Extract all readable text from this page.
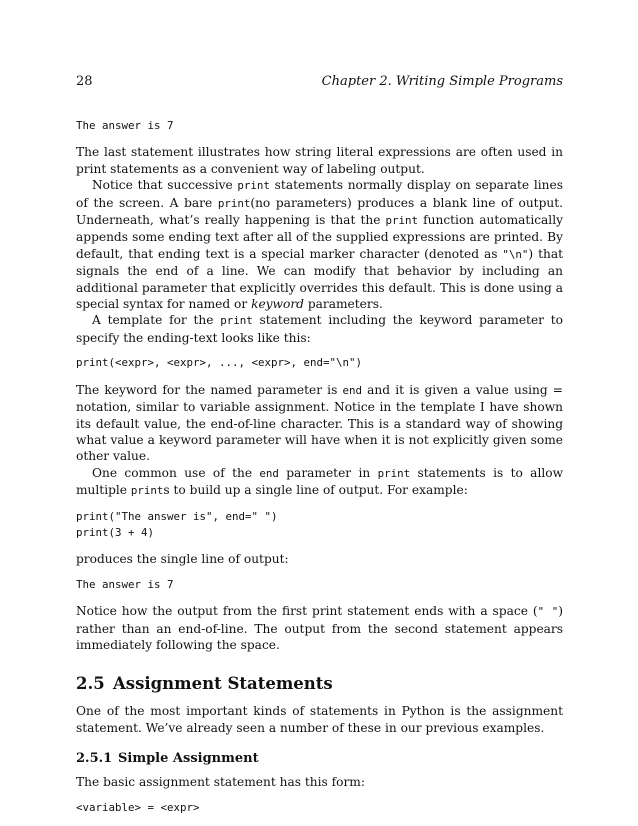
28	Chapter 2. Writing Simple Programs
The answer is 7

The last statement illustrates how string literal expressions are often used in print statements as a convenient way of labeling output.

Notice that successive print statements normally display on separate lines of the screen. A bare print(no parameters) produces a blank line of output. Underneath, what’s really happening is that the print function automatically appends some ending text after all of the supplied expressions are printed. By default, that ending text is a special marker character (denoted as "\n") that signals the end of a line. We can modify that behavior by including an additional parameter that explicitly overrides this default. This is done using a special syntax for named or keyword parameters.

A template for the print statement including the keyword parameter to specify the ending-text looks like this:

print(<expr>, <expr>, ..., <expr>, end="\n")

The keyword for the named parameter is end and it is given a value using = notation, similar to variable assignment. Notice in the template I have shown its default value, the end-of-line character. This is a standard way of showing what value a keyword parameter will have when it is not explicitly given some other value.

One common use of the end parameter in print statements is to allow multiple prints to build up a single line of output. For example:

print("The answer is", end=" ")
print(3 + 4)

produces the single line of output:

The answer is 7

Notice how the output from the first print statement ends with a space (" ") rather than an end-of-line. The output from the second statement appears immediately following the space.

2.5 Assignment Statements

One of the most important kinds of statements in Python is the assignment statement. We’ve already seen a number of these in our previous examples.

2.5.1 Simple Assignment

The basic assignment statement has this form:

<variable> = <expr>
